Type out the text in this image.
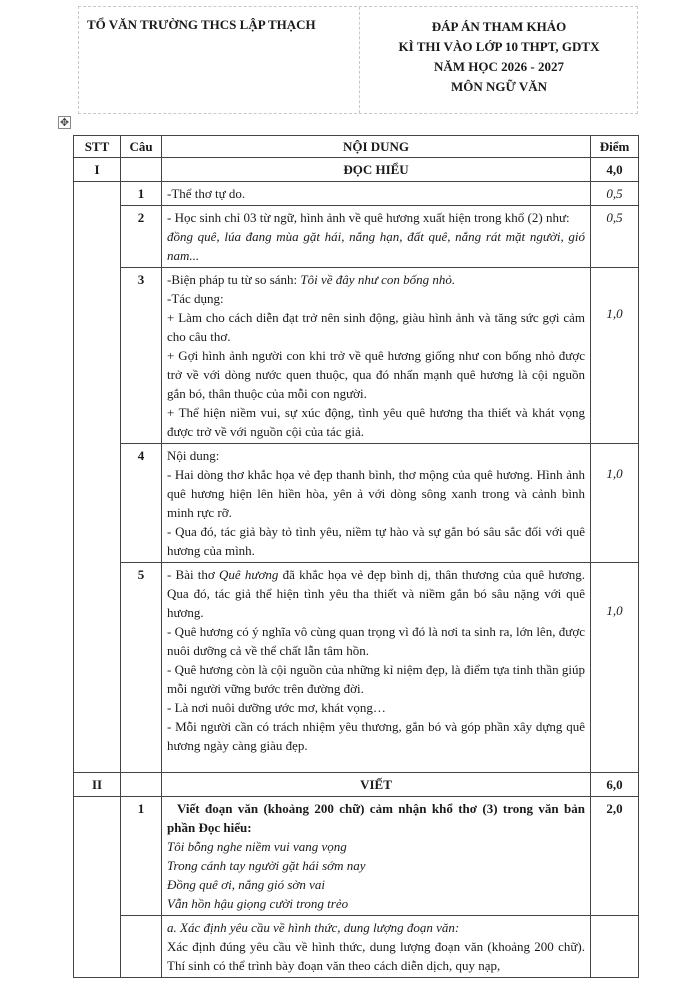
TỔ VĂN TRƯỜNG THCS LẬP THẠCH	ĐÁP ÁN THAM KHẢO
KÌ THI VÀO LỚP 10 THPT, GDTX
NĂM HỌC 2026 - 2027
MÔN NGỮ VĂN
✥
STT	Câu	NỘI DUNG	Điểm
I		ĐỌC HIỂU	4,0
	1	-Thể thơ tự do.	0,5
	2	- Học sinh chỉ 03 từ ngữ, hình ảnh về quê hương xuất hiện trong khổ (2) như:
đồng quê, lúa đang mùa gặt hái, nắng hạn, đất quê, nắng rát mặt người, gió nam...	0,5
	3	-Biện pháp tu từ so sánh: Tôi về đây như con bống nhỏ.
-Tác dụng:
+ Làm cho cách diễn đạt trở nên sinh động, giàu hình ảnh và tăng sức gợi cảm cho câu thơ.
+ Gợi hình ảnh người con khi trở về quê hương giống như con bống nhỏ được trở về với dòng nước quen thuộc, qua đó nhấn mạnh quê hương là cội nguồn gắn bó, thân thuộc của mỗi con người.
+ Thể hiện niềm vui, sự xúc động, tình yêu quê hương tha thiết và khát vọng được trở về với nguồn cội của tác giả.	1,0
	4	Nội dung:
- Hai dòng thơ khắc họa vẻ đẹp thanh bình, thơ mộng của quê hương. Hình ảnh quê hương hiện lên hiền hòa, yên ả với dòng sông xanh trong và cảnh bình minh rực rỡ.
- Qua đó, tác giả bày tỏ tình yêu, niềm tự hào và sự gắn bó sâu sắc đối với quê hương của mình.	1,0
	5	- Bài thơ Quê hương đã khắc họa vẻ đẹp bình dị, thân thương của quê hương. Qua đó, tác giả thể hiện tình yêu tha thiết và niềm gắn bó sâu nặng với quê hương.
- Quê hương có ý nghĩa vô cùng quan trọng vì đó là nơi ta sinh ra, lớn lên, được nuôi dưỡng cả về thể chất lẫn tâm hồn.
- Quê hương còn là cội nguồn của những kỉ niệm đẹp, là điểm tựa tinh thần giúp mỗi người vững bước trên đường đời.
- Là nơi nuôi dưỡng ước mơ, khát vọng…
- Mỗi người cần có trách nhiệm yêu thương, gắn bó và góp phần xây dựng quê hương ngày càng giàu đẹp.	1,0
II		VIẾT	6,0
	1	Viết đoạn văn (khoảng 200 chữ) cảm nhận khổ thơ (3) trong văn bản phần Đọc hiểu:
Tôi bỗng nghe niềm vui vang vọng
Trong cánh tay người gặt hái sớm nay
Đồng quê ơi, nắng gió sờn vai
Vẫn hồn hậu giọng cười trong trẻo	2,0

		a. Xác định yêu cầu về hình thức, dung lượng đoạn văn:
Xác định đúng yêu cầu về hình thức, dung lượng đoạn văn (khoảng 200 chữ). Thí sinh có thể trình bày đoạn văn theo cách diễn dịch, quy nạp,	
